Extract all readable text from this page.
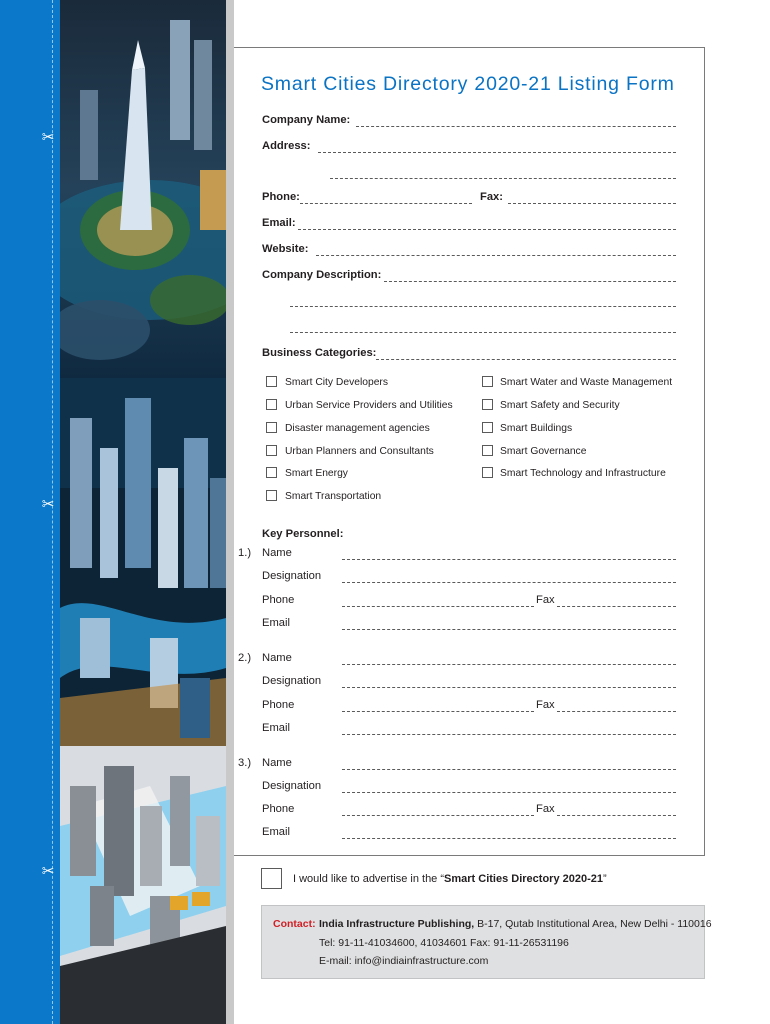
✂
✂
✂
Smart Cities Directory 2020-21 Listing Form
Company Name:
Address:
Phone:	Fax:
Email:
Website:
Company Description:
Business Categories:
Smart City Developers
Urban Service Providers and Utilities
Disaster management agencies
Urban Planners and Consultants
Smart Energy
Smart Transportation
Smart Water and Waste Management
Smart Safety and Security
Smart Buildings
Smart Governance
Smart Technology and Infrastructure
Key Personnel:
1.) Name
Designation
Phone	Fax
Email
2.) Name
Designation
Phone	Fax
Email
3.) Name
Designation
Phone	Fax
Email
I would like to advertise in the “Smart Cities Directory 2020-21”
Contact: India Infrastructure Publishing, B-17, Qutab Institutional Area, New Delhi - 110016
Tel: 91-11-41034600, 41034601 Fax: 91-11-26531196
E-mail: info@indiainfrastructure.com
